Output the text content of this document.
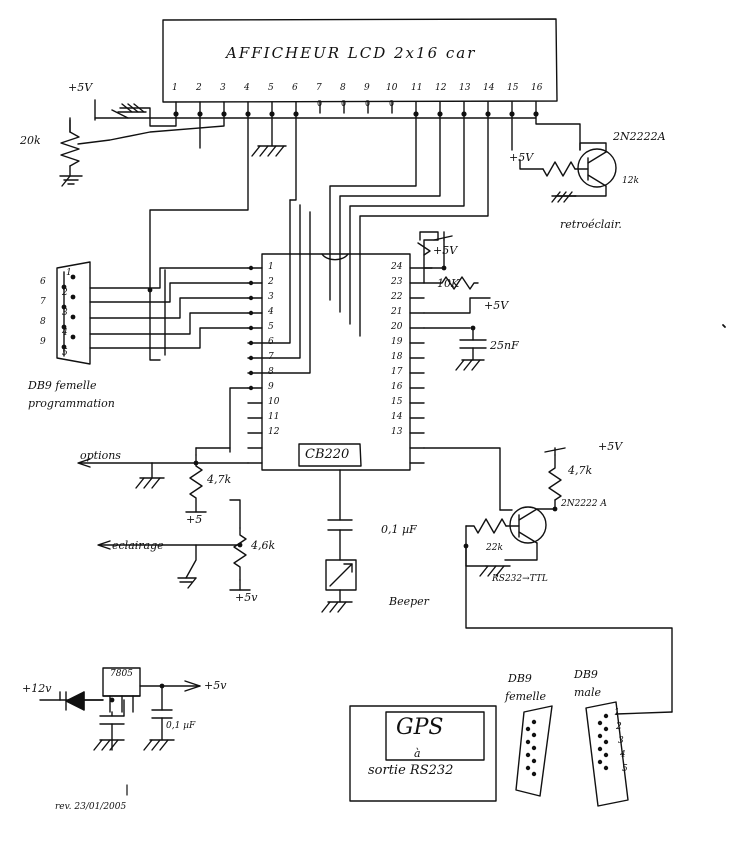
AFFICHEUR LCD 2x16 car
1 2 3 4 5 6 7 8 9 10 11 12 13 14 15 16
0 0 0 0
+5V
20k
+5V
2N2222A
12k
retroéclair.
+5V
10K
+5V
25nF
+5V
4,7k
2N2222 A
22k
RS232→TTL
options
4,7k
+5
eclairage	4,6k
+5v
0,1 µF
Beeper
7805
+12v	+5v
0,1 µF
rev. 23/01/2005
1
2
3
4
5
6
7
8
9
10
11
12
24
23
22
21
20
19
18
17
16
15
14
13
CB220
6
7
8
9
1
2
3
4
5
DB9 femelle
programmation
GPS
à
sortie RS232
DB9
femelle
DB9
male
1
2
3
4
5
